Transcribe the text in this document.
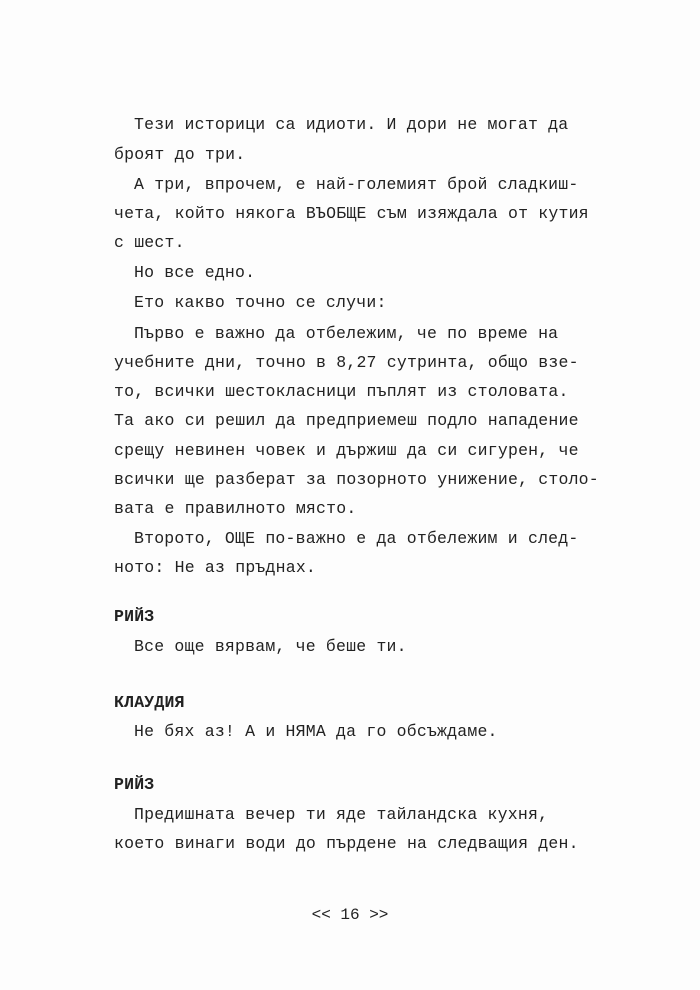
Тези историци са идиоти. И дори не могат да
броят до три.
А три, впрочем, е най-големият брой сладкиш-
чета, който някога ВЪОБЩЕ съм изяждала от кутия
с шест.
Но все едно.
Ето какво точно се случи:
Първо е важно да отбележим, че по време на
учебните дни, точно в 8,27 сутринта, общо взе-
то, всички шестокласници пъплят из столовата.
Та ако си решил да предприемеш подло нападение
срещу невинен човек и държиш да си сигурен, че
всички ще разберат за позорното унижение, столо-
вата е правилното място.
Второто, ОЩЕ по-важно е да отбележим и след-
ното: Не аз пръднах.
РИЙЗ
Все още вярвам, че беше ти.
КЛАУДИЯ
Не бях аз! А и НЯМА да го обсъждаме.
РИЙЗ
Предишната вечер ти яде тайландска кухня,
което винаги води до пърдене на следващия ден.
<< 16 >>
